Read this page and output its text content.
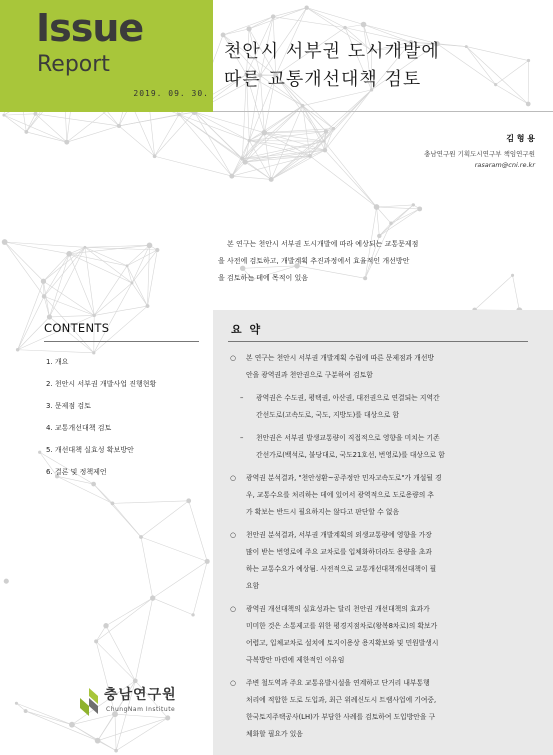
Issue
Report
2019. 09. 30.
천안시 서부권 도시개발에
따른 교통개선대책 검토
김 형 용
충남연구원 기획도시연구부 책임연구원
rasaram@cni.re.kr
본 연구는 천안시 서부권 도시개발에 따라 예상되는 교통문제점
을 사전에 검토하고, 개발계획 추진과정에서 효율적인 개선방안
을 검토하는 데에 목적이 있음
CONTENTS
1. 개요
2. 천안시 서부권 개발사업 진행현황
3. 문제점 검토
4. 교통개선대책 검토
5. 개선대책 실효성 확보방안
6. 결론 및 정책제언
요 약
○ 본 연구는 천안시 서부권 개발계획 수립에 따른 문제점과 개선방
안을 광역권과 천안권으로 구분하여 검토함
– 광역권은 수도권, 평택권, 아산권, 대전권으로 연결되는 지역간
간선도로(고속도로, 국도, 지방도)를 대상으로 함
– 천안권은 서부권 발생교통량이 직접적으로 영향을 미치는 기존
간선가로(백석로, 불당대로, 국도21호선, 번영로)를 대상으로 함
○ 광역권 분석결과, "천안성환~공주정안 민자고속도로"가 개설될 경
우, 교통수요를 처리하는 데에 있어서 광역적으로 도로용량의 추
가 확보는 반드시 필요하지는 않다고 판단할 수 없음
○ 천안권 분석결과, 서부권 개발계획의 외생교통량에 영향을 가장
많이 받는 번영로에 주요 교차로를 입체화하더라도 용량을 초과
하는 교통수요가 예상됨. 사전적으로 교통개선대책개선대책이 필
요함
○ 광역권 개선대책의 실효성과는 달리 천안권 개선대책의 효과가
미미한 것은 소통제고를 위한 평경지점차로(왕복8차로)의 확보가
어렵고, 입체교차로 설치에 토지이용상 용지확보와 및 민원발생시
극복방안 마련에 제한적인 이유임
○ 주변 철도역과 주요 교통유발시설을 연계하고 단거리 내부통행
처리에 적합한 도로 도입과, 최근 위례신도시 트램사업에 기여중,
한국토지주택공사(LH)가 부담한 사례를 검토하여 도입방안을 구
체화할 필요가 있음
충남연구원
ChungNam Institute
